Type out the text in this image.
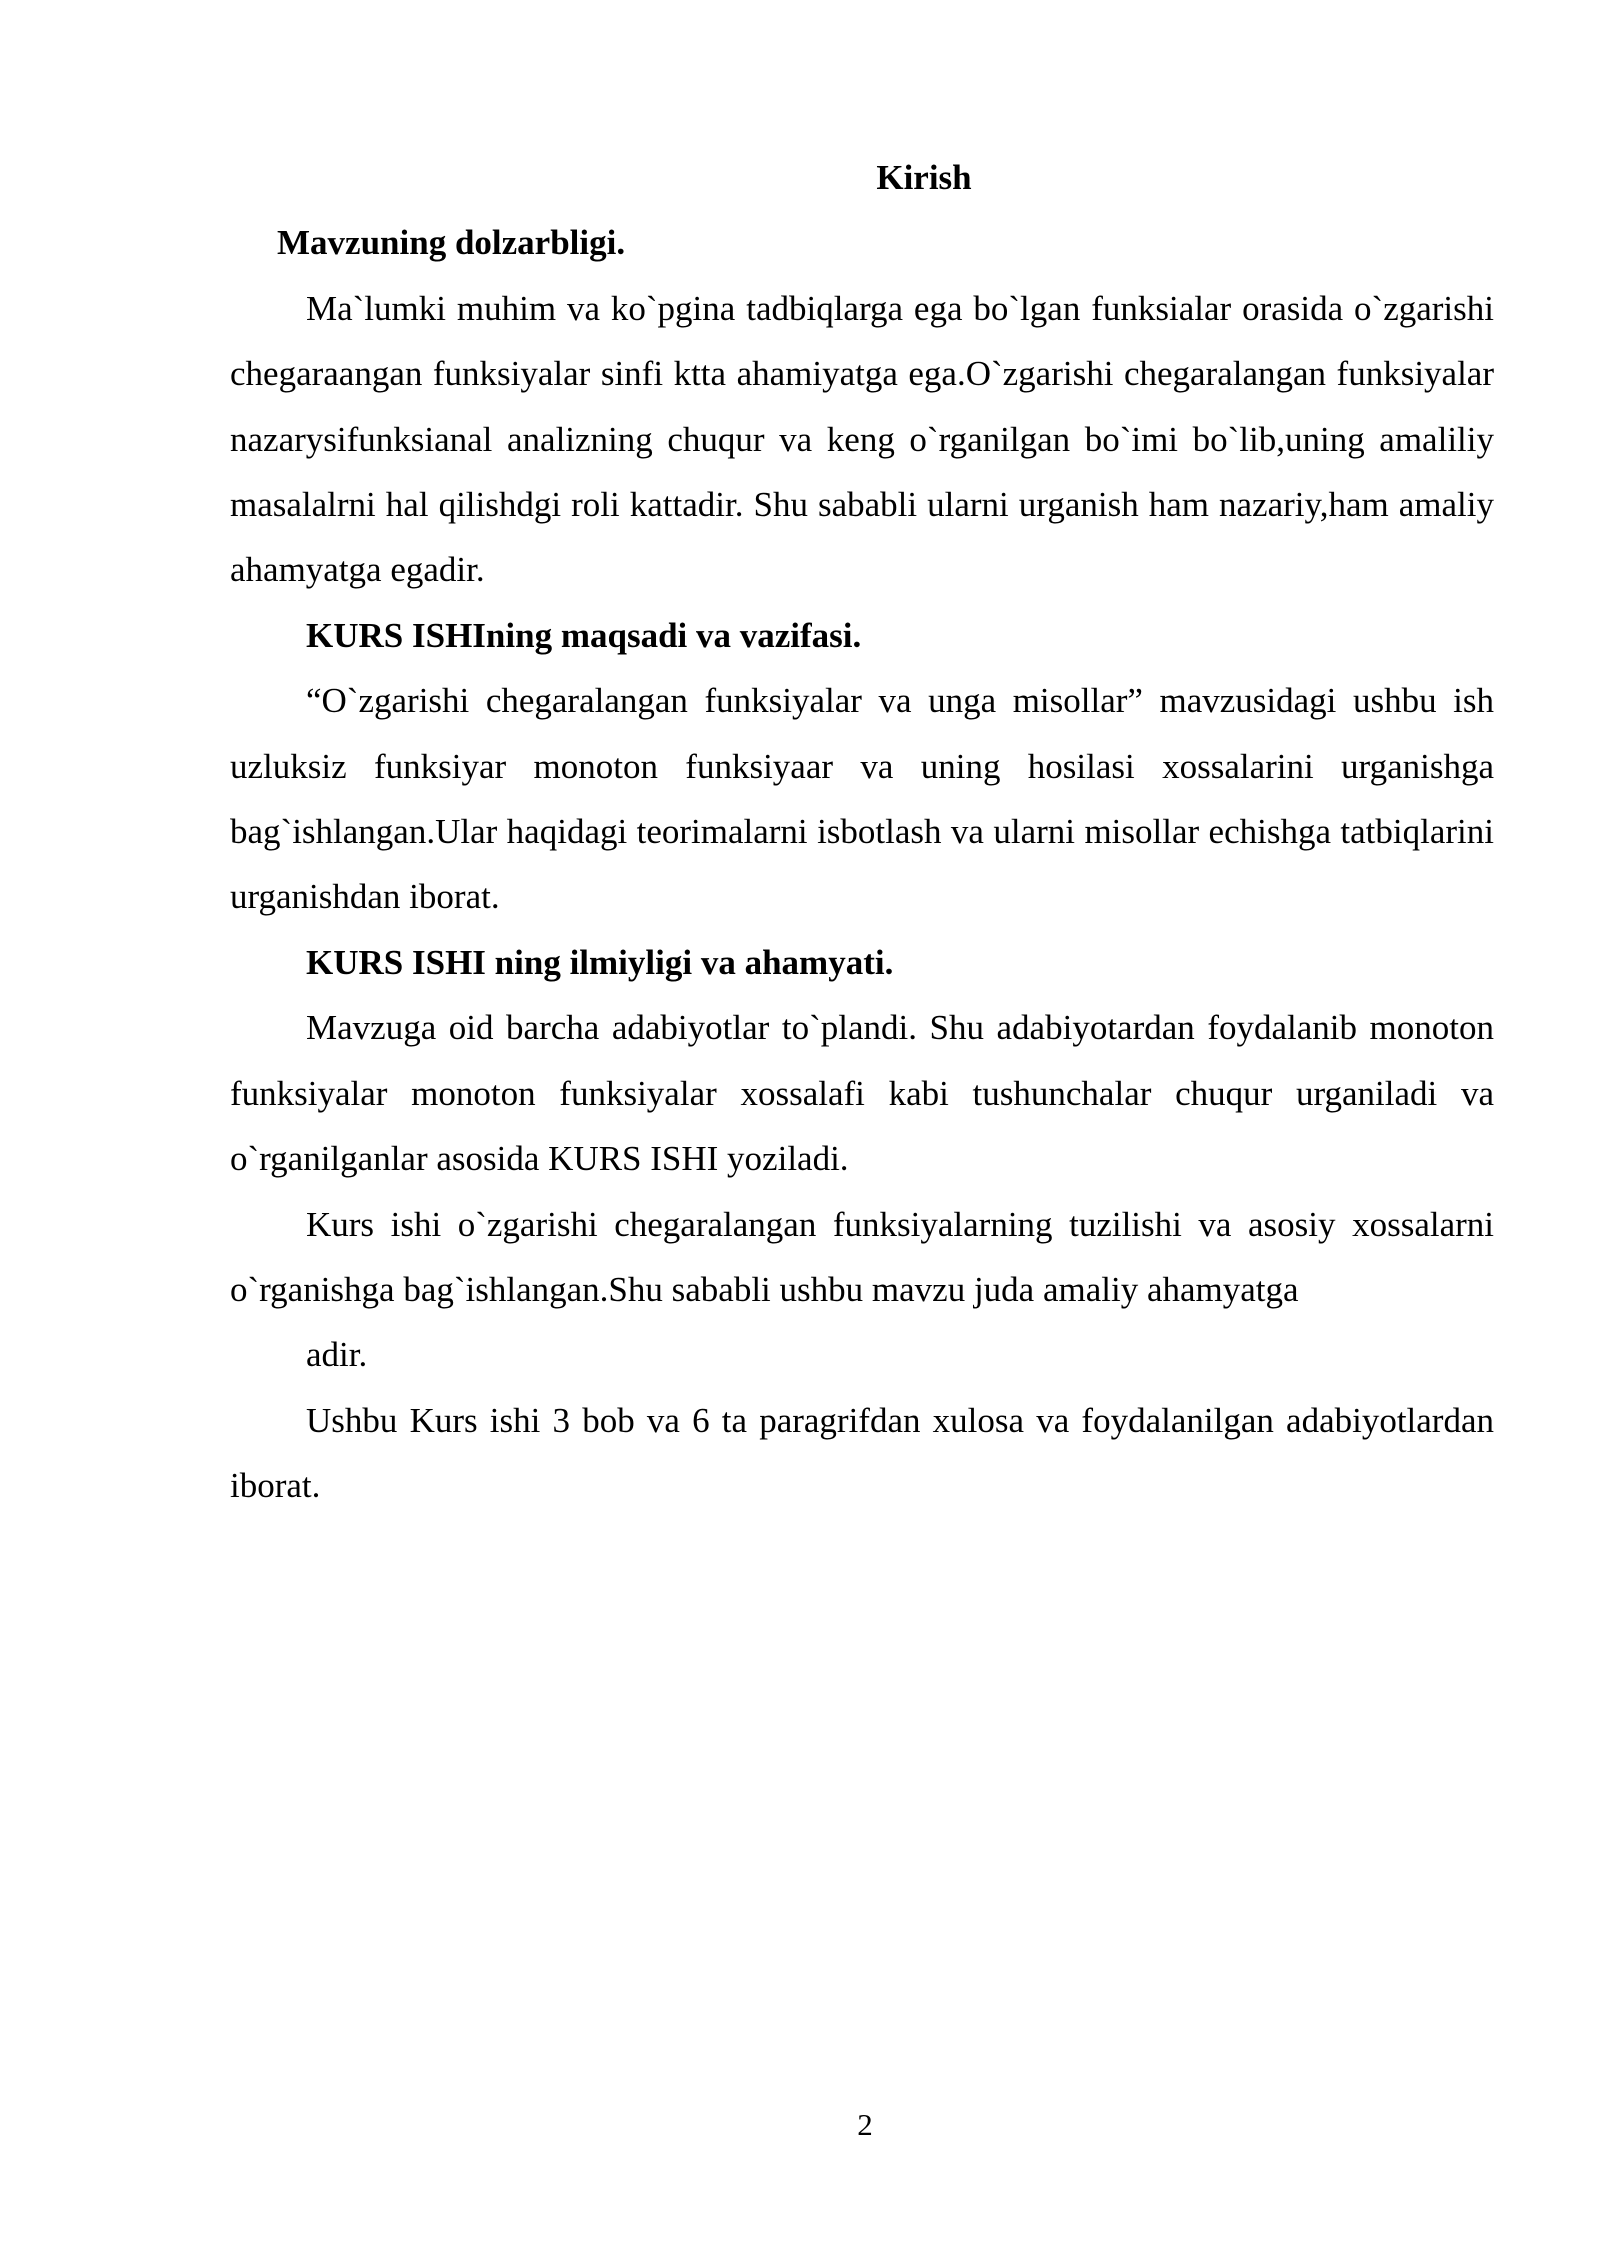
Kirish

Mavzuning dolzarbligi.

Ma`lumki muhim va ko`pgina tadbiqlarga ega bo`lgan funksialar orasida o`zgarishi chegaraangan funksiyalar sinfi ktta ahamiyatga ega.O`zgarishi chegaralangan funksiyalar nazarysifunksianal analizning chuqur va keng o`rganilgan bo`imi bo`lib,uning amaliliy masalalrni hal qilishdgi roli kattadir. Shu sababli ularni urganish ham nazariy,ham amaliy ahamyatga egadir.

KURS ISHIning maqsadi va vazifasi.

“O`zgarishi chegaralangan funksiyalar va unga misollar” mavzusidagi ushbu ish uzluksiz funksiyar monoton funksiyaar va uning hosilasi xossalarini urganishga bag`ishlangan.Ular haqidagi teorimalarni isbotlash va ularni misollar echishga tatbiqlarini urganishdan iborat.

KURS ISHI ning ilmiyligi va ahamyati.

Mavzuga oid barcha adabiyotlar to`plandi. Shu adabiyotardan foydalanib monoton funksiyalar monoton funksiyalar xossalafi kabi tushunchalar chuqur urganiladi va o`rganilganlar asosida KURS ISHI yoziladi.

Kurs ishi o`zgarishi chegaralangan funksiyalarning tuzilishi va asosiy xossalarni o`rganishga bag`ishlangan.Shu sababli ushbu mavzu juda amaliy ahamyatga

adir.

Ushbu Kurs ishi 3 bob va 6 ta paragrifdan xulosa va foydalanilgan adabiyotlardan iborat.

2
